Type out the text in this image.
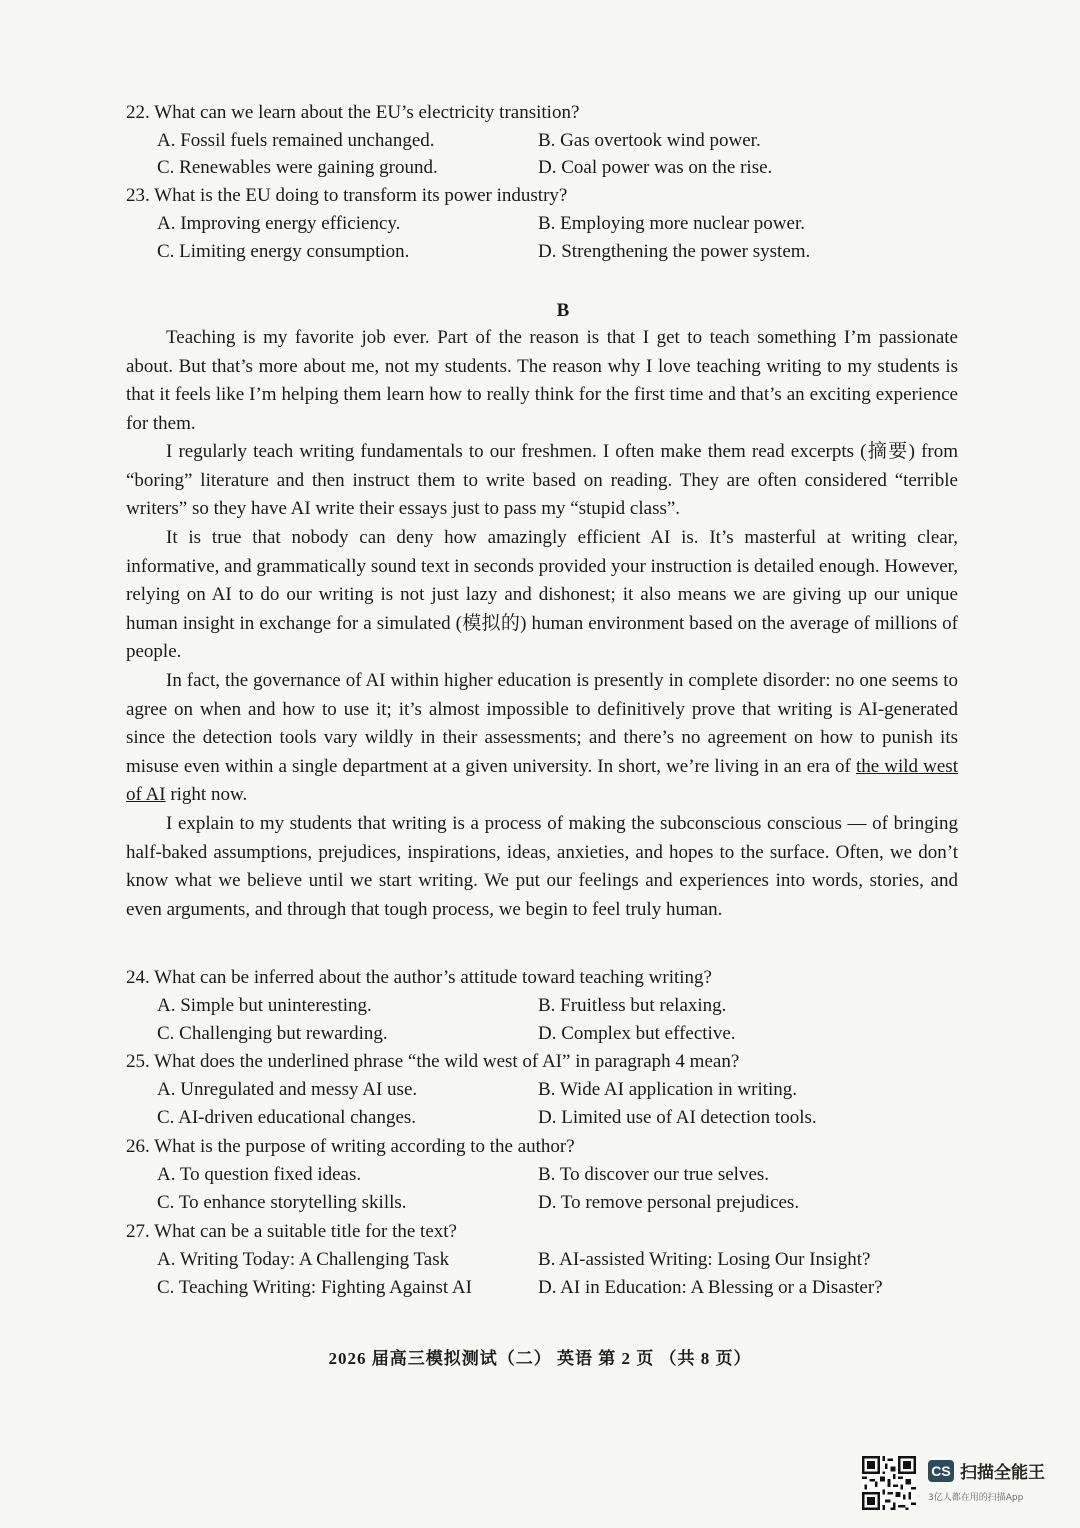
22. What can we learn about the EU’s electricity transition?
A. Fossil fuels remained unchanged.	B. Gas overtook wind power.
C. Renewables were gaining ground.	D. Coal power was on the rise.
23. What is the EU doing to transform its power industry?
A. Improving energy efficiency.	B. Employing more nuclear power.
C. Limiting energy consumption.	D. Strengthening the power system.
B
Teaching is my favorite job ever. Part of the reason is that I get to teach something I’m passionate about. But that’s more about me, not my students. The reason why I love teaching writing to my students is that it feels like I’m helping them learn how to really think for the first time and that’s an exciting experience for them.
I regularly teach writing fundamentals to our freshmen. I often make them read excerpts (摘要) from “boring” literature and then instruct them to write based on reading. They are often considered “terrible writers” so they have AI write their essays just to pass my “stupid class”.
It is true that nobody can deny how amazingly efficient AI is. It’s masterful at writing clear, informative, and grammatically sound text in seconds provided your instruction is detailed enough. However, relying on AI to do our writing is not just lazy and dishonest; it also means we are giving up our unique human insight in exchange for a simulated (模拟的) human environment based on the average of millions of people.
In fact, the governance of AI within higher education is presently in complete disorder: no one seems to agree on when and how to use it; it’s almost impossible to definitively prove that writing is AI-generated since the detection tools vary wildly in their assessments; and there’s no agreement on how to punish its misuse even within a single department at a given university. In short, we’re living in an era of the wild west of AI right now.
I explain to my students that writing is a process of making the subconscious conscious — of bringing half-baked assumptions, prejudices, inspirations, ideas, anxieties, and hopes to the surface. Often, we don’t know what we believe until we start writing. We put our feelings and experiences into words, stories, and even arguments, and through that tough process, we begin to feel truly human.
24. What can be inferred about the author’s attitude toward teaching writing?
A. Simple but uninteresting.	B. Fruitless but relaxing.
C. Challenging but rewarding.	D. Complex but effective.
25. What does the underlined phrase “the wild west of AI” in paragraph 4 mean?
A. Unregulated and messy AI use.	B. Wide AI application in writing.
C. AI-driven educational changes.	D. Limited use of AI detection tools.
26. What is the purpose of writing according to the author?
A. To question fixed ideas.	B. To discover our true selves.
C. To enhance storytelling skills.	D. To remove personal prejudices.
27. What can be a suitable title for the text?
A. Writing Today: A Challenging Task	B. AI-assisted Writing: Losing Our Insight?
C. Teaching Writing: Fighting Against AI	D. AI in Education: A Blessing or a Disaster?
2026 届高三模拟测试（二） 英语 第 2 页 （共 8 页）
CS 扫描全能王
3亿人都在用的扫描App
